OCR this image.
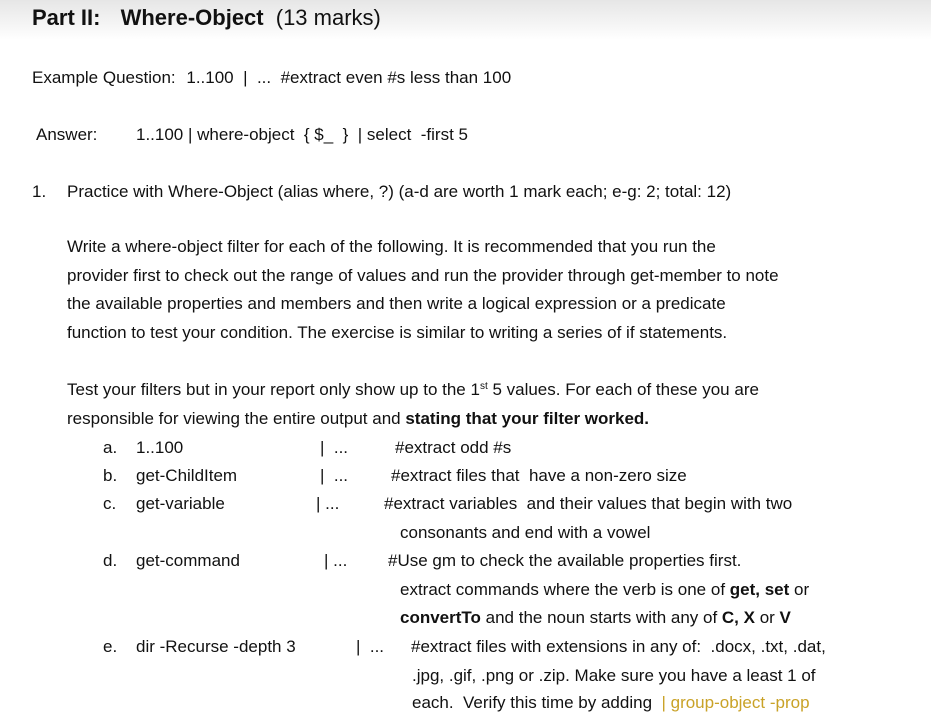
Part II: Where-Object (13 marks)
Example Question: 1..100  |  ...  #extract even #s less than 100
Answer: 1..100 | where-object  { $_  }  | select  -first 5
1. Practice with Where-Object (alias where, ?) (a-d are worth 1 mark each; e-g: 2; total: 12)
Write a where-object filter for each of the following. It is recommended that you run the
provider first to check out the range of values and run the provider through get-member to note
the available properties and members and then write a logical expression or a predicate
function to test your condition. The exercise is similar to writing a series of if statements.
Test your filters but in your report only show up to the 1st 5 values. For each of these you are
responsible for viewing the entire output and stating that your filter worked.
a. 1..100	|  ...	#extract odd #s
b. get-ChildItem	|  ...	#extract files that  have a non-zero size
c. get-variable	| ...	#extract variables  and their values that begin with two
consonants and end with a vowel
d. get-command	| ... #Use gm to check the available properties first.
extract commands where the verb is one of get, set or
convertTo and the noun starts with any of C, X or V
e. dir -Recurse -depth 3	|  ... #extract files with extensions in any of:  .docx, .txt, .dat,
.jpg, .gif, .png or .zip. Make sure you have a least 1 of
each.  Verify this time by adding  | group-object -prop
